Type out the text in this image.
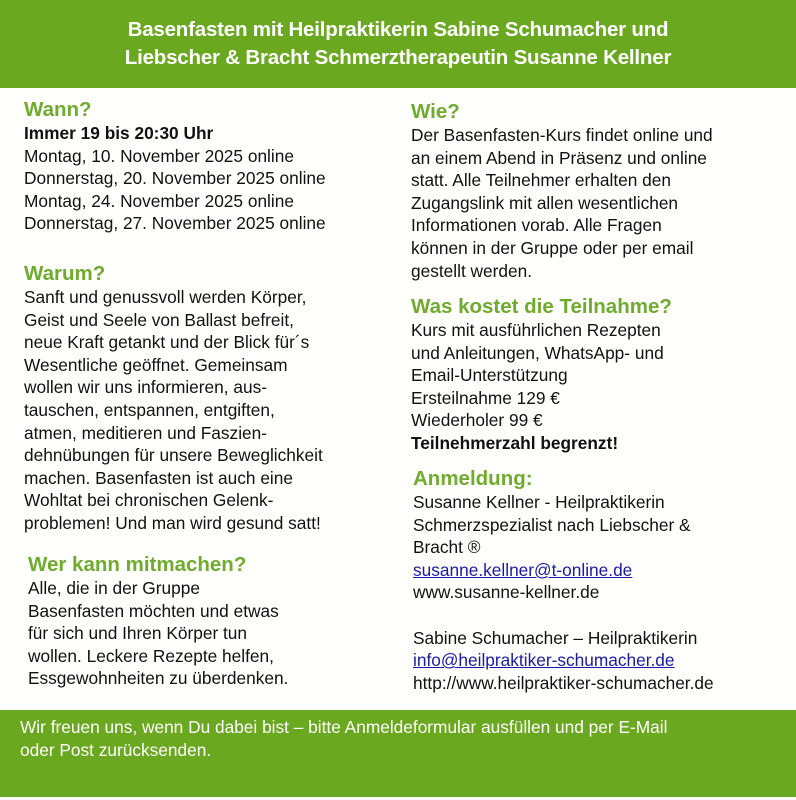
Basenfasten mit Heilpraktikerin Sabine Schumacher und
Liebscher & Bracht Schmerztherapeutin Susanne Kellner
Wann?
Immer 19 bis 20:30 Uhr
Montag, 10. November 2025 online
Donnerstag, 20. November 2025 online
Montag, 24. November 2025 online
Donnerstag, 27. November 2025 online
Warum?
Sanft und genussvoll werden Körper,
Geist und Seele von Ballast befreit,
neue Kraft getankt und der Blick für´s
Wesentliche geöffnet. Gemeinsam
wollen wir uns informieren, aus-
tauschen, entspannen, entgiften,
atmen, meditieren und Faszien-
dehnübungen für unsere Beweglichkeit
machen. Basenfasten ist auch eine
Wohltat bei chronischen Gelenk-
problemen! Und man wird gesund satt!
Wer kann mitmachen?
Alle, die in der Gruppe
Basenfasten möchten und etwas
für sich und Ihren Körper tun
wollen. Leckere Rezepte helfen,
Essgewohnheiten zu überdenken.
Wie?
Der Basenfasten-Kurs findet online und
an einem Abend in Präsenz und online
statt. Alle Teilnehmer erhalten den
Zugangslink mit allen wesentlichen
Informationen vorab. Alle Fragen
können in der Gruppe oder per email
gestellt werden.
Was kostet die Teilnahme?
Kurs mit ausführlichen Rezepten
und Anleitungen, WhatsApp- und
Email-Unterstützung
Ersteilnahme 129 €
Wiederholer 99 €
Teilnehmerzahl begrenzt!
Anmeldung:
Susanne Kellner - Heilpraktikerin
Schmerzspezialist nach Liebscher &
Bracht ®
susanne.kellner@t-online.de
www.susanne-kellner.de
Sabine Schumacher – Heilpraktikerin
info@heilpraktiker-schumacher.de
http://www.heilpraktiker-schumacher.de
Wir freuen uns, wenn Du dabei bist – bitte Anmeldeformular ausfüllen und per E-Mail
oder Post zurücksenden.
